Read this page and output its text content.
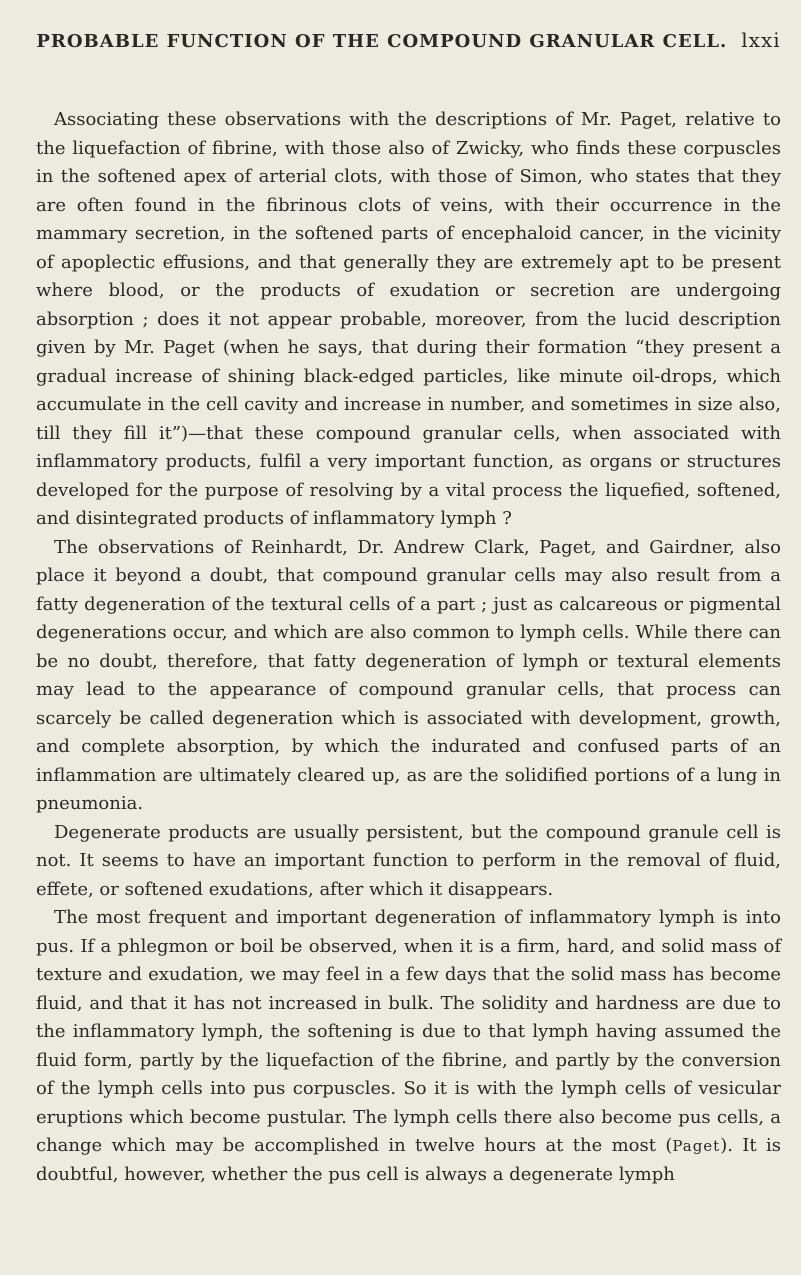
PROBABLE FUNCTION OF THE COMPOUND GRANULAR CELL. lxxi

Associating these observations with the descriptions of Mr. Paget, relative to the liquefaction of fibrine, with those also of Zwicky, who finds these corpuscles in the softened apex of arterial clots, with those of Simon, who states that they are often found in the fibrinous clots of veins, with their occurrence in the mammary secretion, in the softened parts of encephaloid cancer, in the vicinity of apoplectic effusions, and that generally they are extremely apt to be present where blood, or the products of exudation or secretion are undergoing absorption ; does it not appear probable, moreover, from the lucid description given by Mr. Paget (when he says, that during their formation “they present a gradual increase of shining black-edged particles, like minute oil-drops, which accumulate in the cell cavity and increase in number, and sometimes in size also, till they fill it”)—that these compound granular cells, when associated with inflammatory products, fulfil a very important function, as organs or structures developed for the purpose of resolving by a vital process the liquefied, softened, and disintegrated products of inflammatory lymph ?

The observations of Reinhardt, Dr. Andrew Clark, Paget, and Gairdner, also place it beyond a doubt, that compound granular cells may also result from a fatty degeneration of the textural cells of a part ; just as calcareous or pigmental degenerations occur, and which are also common to lymph cells. While there can be no doubt, therefore, that fatty degeneration of lymph or textural elements may lead to the appearance of compound granular cells, that process can scarcely be called degeneration which is associated with development, growth, and complete absorption, by which the indurated and confused parts of an inflammation are ultimately cleared up, as are the solidified portions of a lung in pneumonia.

Degenerate products are usually persistent, but the compound granule cell is not. It seems to have an important function to perform in the removal of fluid, effete, or softened exudations, after which it disappears.

The most frequent and important degeneration of inflammatory lymph is into pus. If a phlegmon or boil be observed, when it is a firm, hard, and solid mass of texture and exudation, we may feel in a few days that the solid mass has become fluid, and that it has not increased in bulk. The solidity and hardness are due to the inflammatory lymph, the softening is due to that lymph having assumed the fluid form, partly by the liquefaction of the fibrine, and partly by the conversion of the lymph cells into pus corpuscles. So it is with the lymph cells of vesicular eruptions which become pustular. The lymph cells there also become pus cells, a change which may be accomplished in twelve hours at the most (Paget). It is doubtful, however, whether the pus cell is always a degenerate lymph
